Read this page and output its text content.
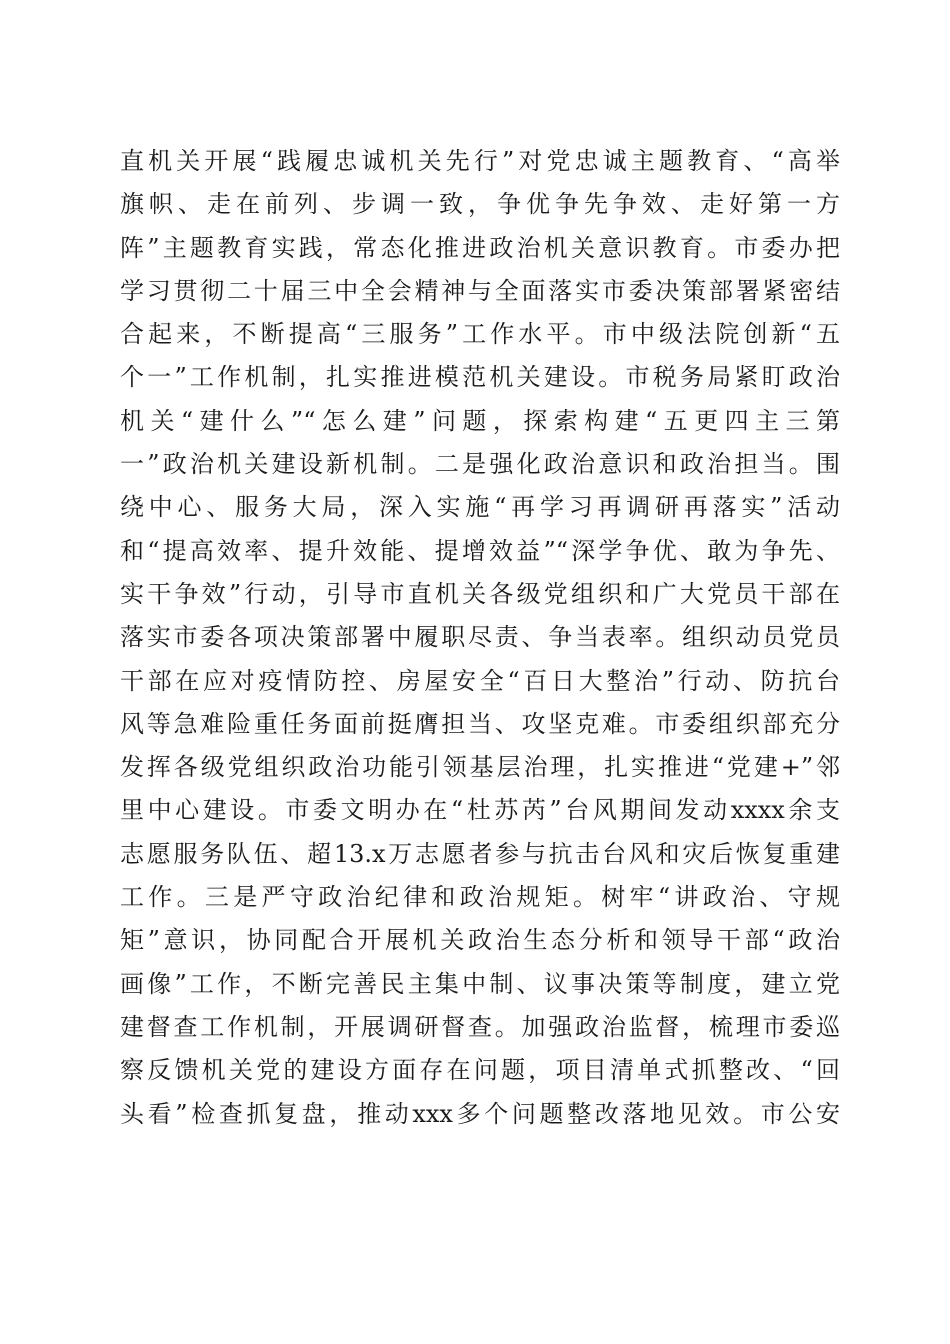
直机关开展“践履忠诚机关先行”对党忠诚主题教育、“高举
旗帜、走在前列、步调一致，争优争先争效、走好第一方
阵”主题教育实践，常态化推进政治机关意识教育。市委办把
学习贯彻二十届三中全会精神与全面落实市委决策部署紧密结
合起来，不断提高“三服务”工作水平。市中级法院创新“五
个一”工作机制，扎实推进模范机关建设。市税务局紧盯政治
机关“建什么”“怎么建”问题，探索构建“五更四主三第
一”政治机关建设新机制。二是强化政治意识和政治担当。围
绕中心、服务大局，深入实施“再学习再调研再落实”活动
和“提高效率、提升效能、提增效益”“深学争优、敢为争先、
实干争效”行动，引导市直机关各级党组织和广大党员干部在
落实市委各项决策部署中履职尽责、争当表率。组织动员党员
干部在应对疫情防控、房屋安全“百日大整治”行动、防抗台
风等急难险重任务面前挺膺担当、攻坚克难。市委组织部充分
发挥各级党组织政治功能引领基层治理，扎实推进“党建+”邻
里中心建设。市委文明办在“杜苏芮”台风期间发动xxxx余支
志愿服务队伍、超13.x万志愿者参与抗击台风和灾后恢复重建
工作。三是严守政治纪律和政治规矩。树牢“讲政治、守规
矩”意识，协同配合开展机关政治生态分析和领导干部“政治
画像”工作，不断完善民主集中制、议事决策等制度，建立党
建督查工作机制，开展调研督查。加强政治监督，梳理市委巡
察反馈机关党的建设方面存在问题，项目清单式抓整改、“回
头看”检查抓复盘，推动xxx多个问题整改落地见效。市公安
